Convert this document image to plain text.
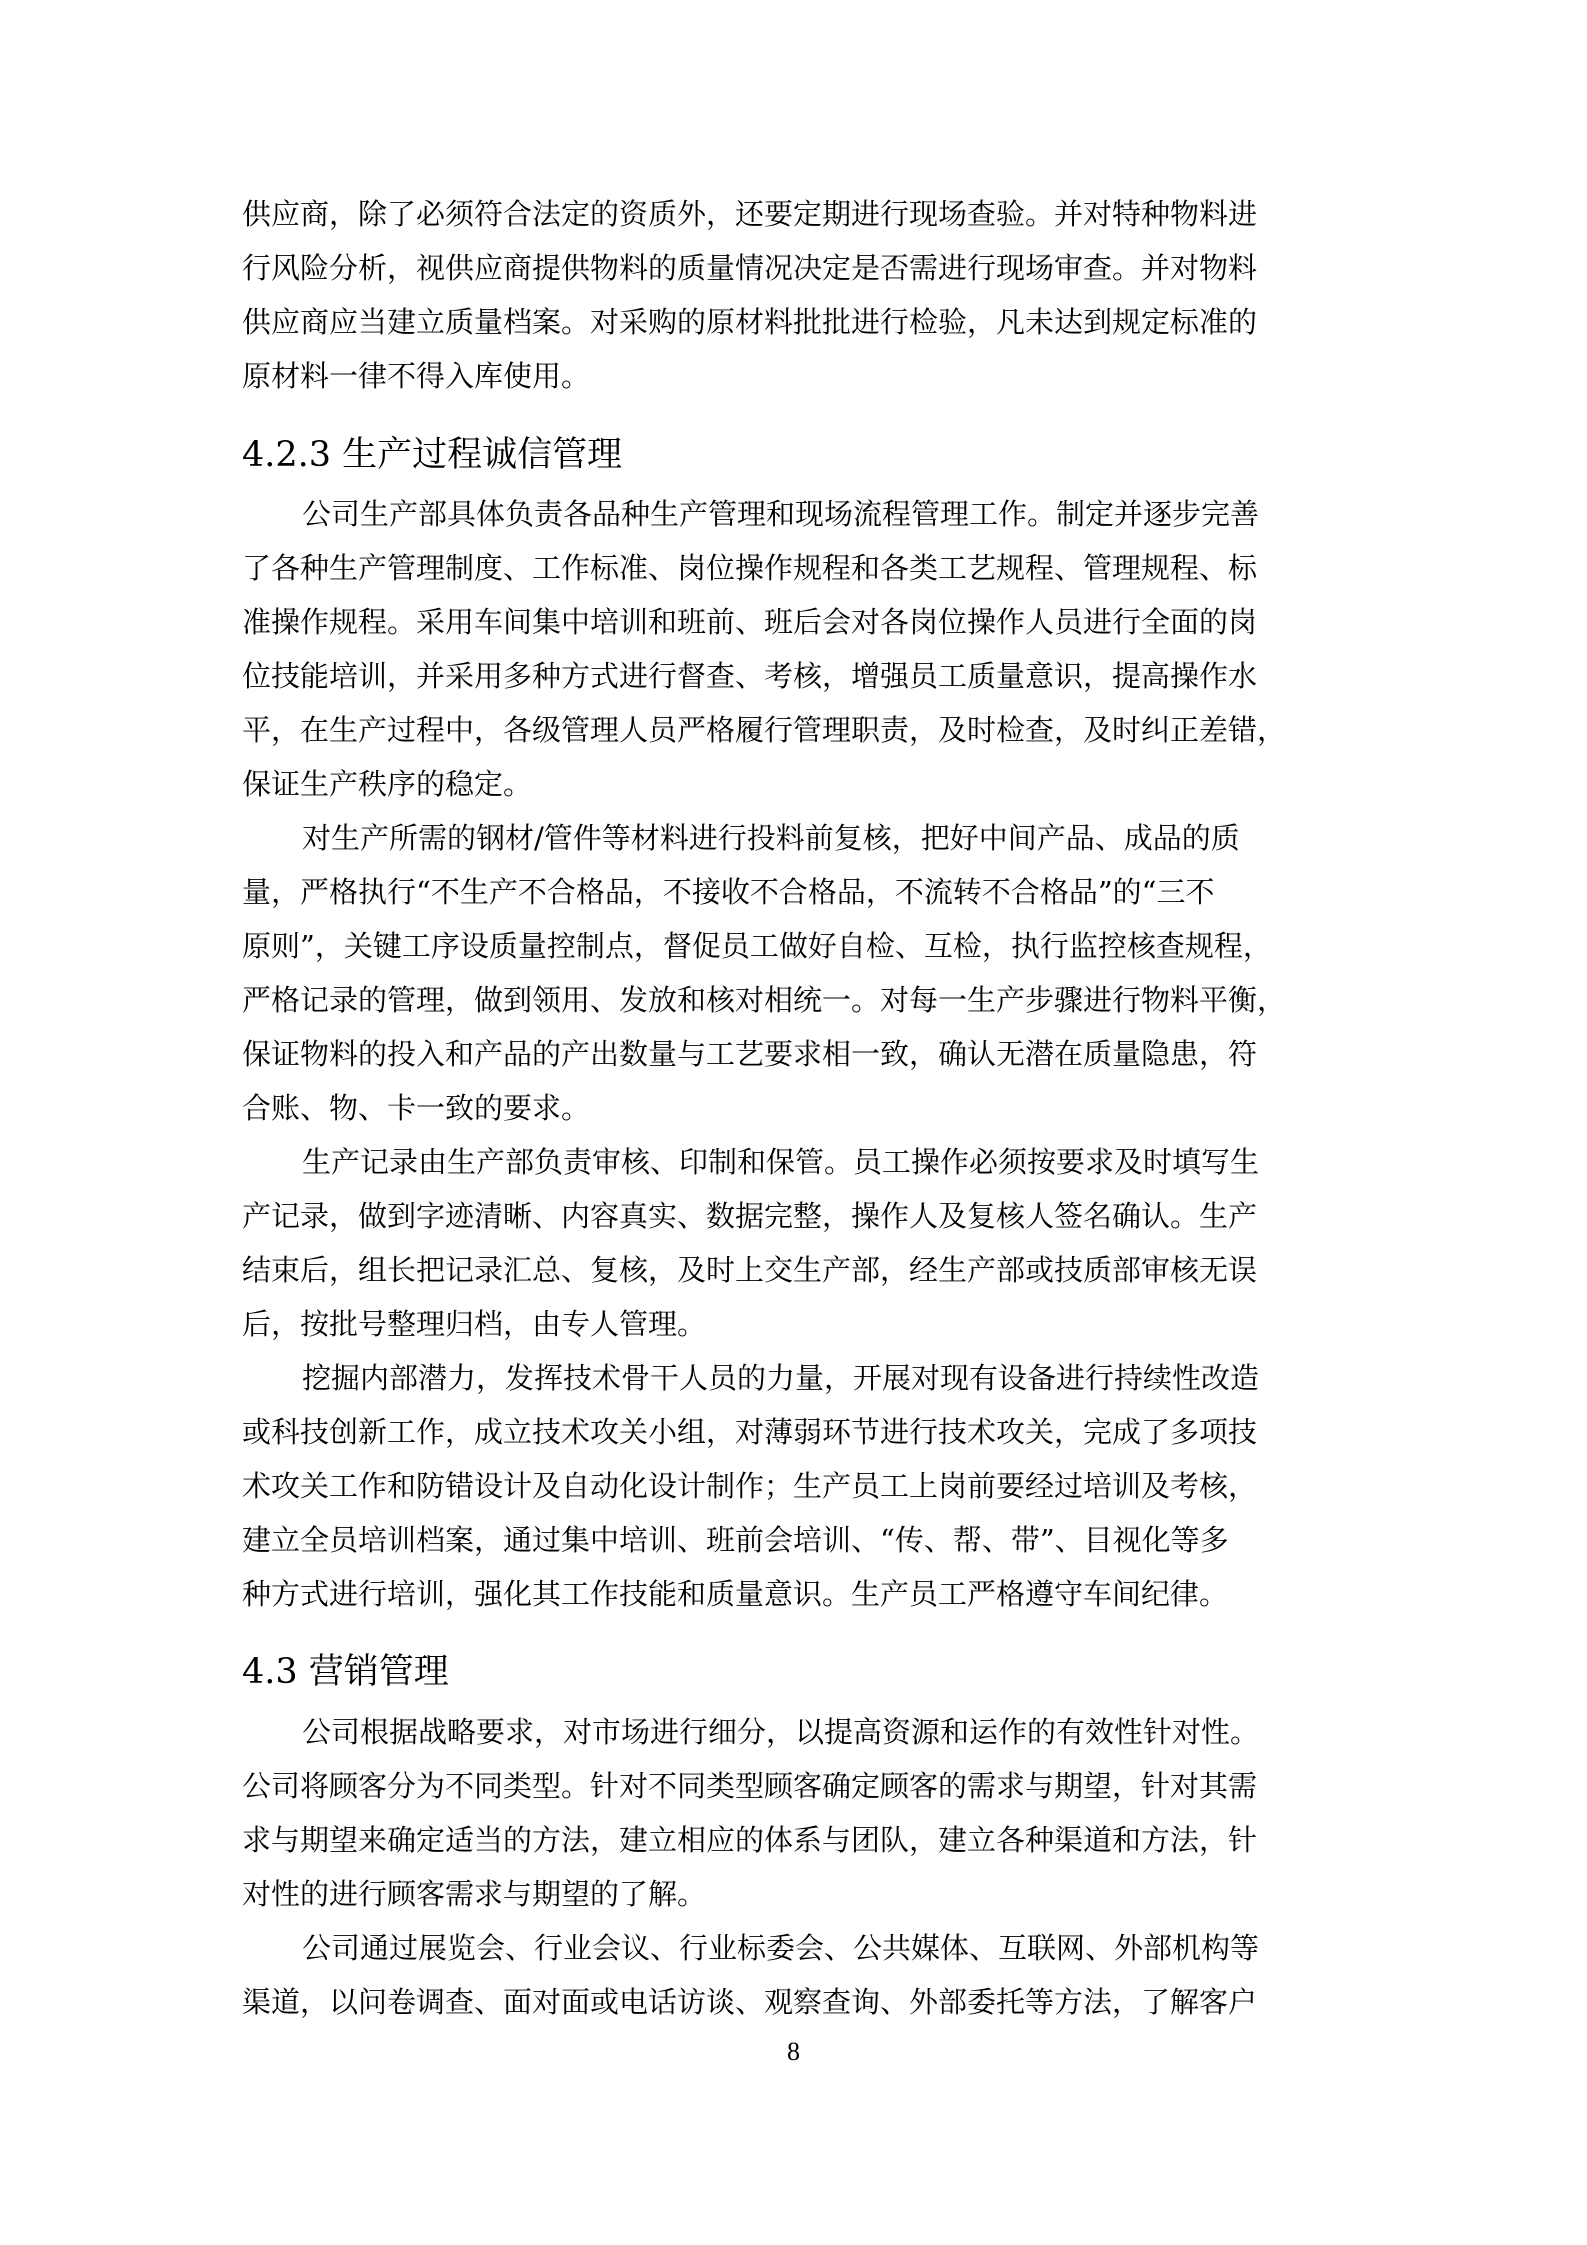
供应商，除了必须符合法定的资质外，还要定期进行现场查验。并对特种物料进
行风险分析，视供应商提供物料的质量情况决定是否需进行现场审查。并对物料
供应商应当建立质量档案。对采购的原材料批批进行检验，凡未达到规定标准的
原材料一律不得入库使用。
4.2.3 生产过程诚信管理
公司生产部具体负责各品种生产管理和现场流程管理工作。制定并逐步完善
了各种生产管理制度、工作标准、岗位操作规程和各类工艺规程、管理规程、标
准操作规程。采用车间集中培训和班前、班后会对各岗位操作人员进行全面的岗
位技能培训，并采用多种方式进行督查、考核，增强员工质量意识，提高操作水
平，在生产过程中，各级管理人员严格履行管理职责，及时检查，及时纠正差错，
保证生产秩序的稳定。
对生产所需的钢材/管件等材料进行投料前复核，把好中间产品、成品的质
量，严格执行“不生产不合格品，不接收不合格品，不流转不合格品”的“三不
原则”，关键工序设质量控制点，督促员工做好自检、互检，执行监控核查规程，
严格记录的管理，做到领用、发放和核对相统一。对每一生产步骤进行物料平衡，
保证物料的投入和产品的产出数量与工艺要求相一致，确认无潜在质量隐患，符
合账、物、卡一致的要求。
生产记录由生产部负责审核、印制和保管。员工操作必须按要求及时填写生
产记录，做到字迹清晰、内容真实、数据完整，操作人及复核人签名确认。生产
结束后，组长把记录汇总、复核，及时上交生产部，经生产部或技质部审核无误
后，按批号整理归档，由专人管理。
挖掘内部潜力，发挥技术骨干人员的力量，开展对现有设备进行持续性改造
或科技创新工作，成立技术攻关小组，对薄弱环节进行技术攻关，完成了多项技
术攻关工作和防错设计及自动化设计制作；生产员工上岗前要经过培训及考核，
建立全员培训档案，通过集中培训、班前会培训、“传、帮、带”、目视化等多
种方式进行培训，强化其工作技能和质量意识。生产员工严格遵守车间纪律。
4.3 营销管理
公司根据战略要求，对市场进行细分，以提高资源和运作的有效性针对性。
公司将顾客分为不同类型。针对不同类型顾客确定顾客的需求与期望，针对其需
求与期望来确定适当的方法，建立相应的体系与团队，建立各种渠道和方法，针
对性的进行顾客需求与期望的了解。
公司通过展览会、行业会议、行业标委会、公共媒体、互联网、外部机构等
渠道，以问卷调查、面对面或电话访谈、观察查询、外部委托等方法，了解客户
8
